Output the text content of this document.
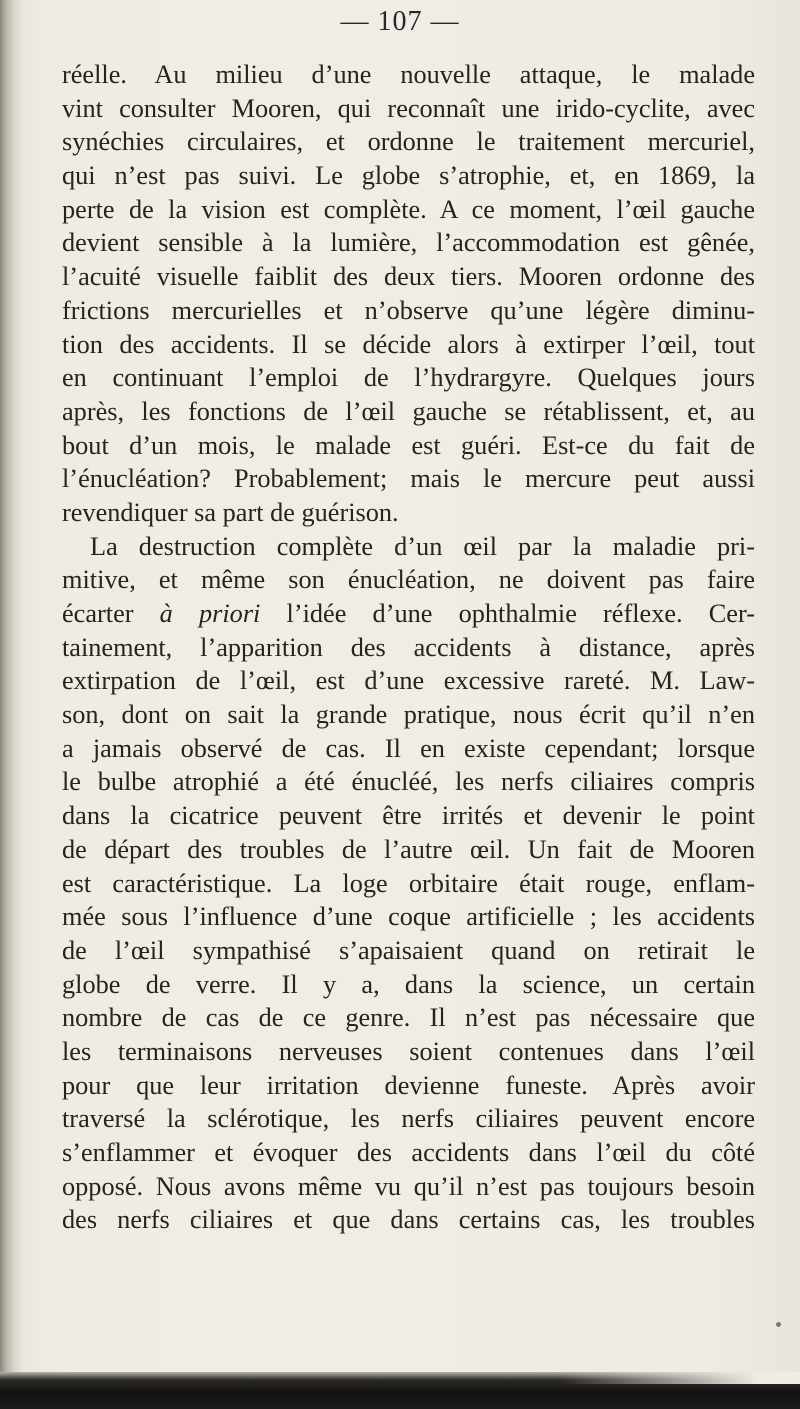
— 107 —
réelle. Au milieu d’une nouvelle attaque, le malade
vint consulter Mooren, qui reconnaît une irido-cyclite, avec
synéchies circulaires, et ordonne le traitement mercuriel,
qui n’est pas suivi. Le globe s’atrophie, et, en 1869, la
perte de la vision est complète. A ce moment, l’œil gauche
devient sensible à la lumière, l’accommodation est gênée,
l’acuité visuelle faiblit des deux tiers. Mooren ordonne des
frictions mercurielles et n’observe qu’une légère diminu-
tion des accidents. Il se décide alors à extirper l’œil, tout
en continuant l’emploi de l’hydrargyre. Quelques jours
après, les fonctions de l’œil gauche se rétablissent, et, au
bout d’un mois, le malade est guéri. Est-ce du fait de
l’énucléation? Probablement; mais le mercure peut aussi
revendiquer sa part de guérison.
La destruction complète d’un œil par la maladie pri-
mitive, et même son énucléation, ne doivent pas faire
écarter à priori l’idée d’une ophthalmie réflexe. Cer-
tainement, l’apparition des accidents à distance, après
extirpation de l’œil, est d’une excessive rareté. M. Law-
son, dont on sait la grande pratique, nous écrit qu’il n’en
a jamais observé de cas. Il en existe cependant; lorsque
le bulbe atrophié a été énucléé, les nerfs ciliaires compris
dans la cicatrice peuvent être irrités et devenir le point
de départ des troubles de l’autre œil. Un fait de Mooren
est caractéristique. La loge orbitaire était rouge, enflam-
mée sous l’influence d’une coque artificielle ; les accidents
de l’œil sympathisé s’apaisaient quand on retirait le
globe de verre. Il y a, dans la science, un certain
nombre de cas de ce genre. Il n’est pas nécessaire que
les terminaisons nerveuses soient contenues dans l’œil
pour que leur irritation devienne funeste. Après avoir
traversé la sclérotique, les nerfs ciliaires peuvent encore
s’enflammer et évoquer des accidents dans l’œil du côté
opposé. Nous avons même vu qu’il n’est pas toujours besoin
des nerfs ciliaires et que dans certains cas, les troubles
